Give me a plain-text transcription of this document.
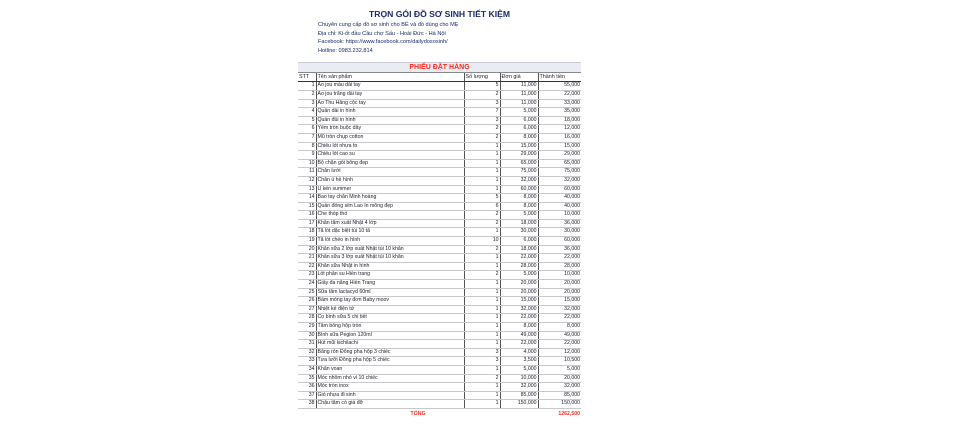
TRỌN GÓI ĐỒ SƠ SINH TIẾT KIỆM
Chuyên cung cấp đồ sơ sinh cho BÉ và đồ dùng cho MẸ
Địa chỉ: Ki-ốt đầu Cầu chợ Sấu - Hoài Đức - Hà Nội
Facebook: https://www.facebook.com/dailydososinh/
Hotline: 0983.232.814
PHIẾU ĐẶT HÀNG
STT	Tên sản phẩm	Số lượng	Đơn giá	Thành tiền
1	Áo jou màu dài tay	5	11,000	55,000
2	Áo jou trắng dài tay	2	11,000	22,000
3	Áo Thu Hằng cộc tay	3	11,000	33,000
4	Quần dài in hình	7	5,000	35,000
5	Quần đùi in hình	3	6,000	18,000
6	Yếm tròn buộc dây	2	6,000	12,000
7	Mũ tròn chụp cotton	2	8,000	16,000
8	Chiếu lót nhựa to	1	15,000	15,000
9	Chiếu lót cao su	1	29,000	29,000
10	Bộ chặn gối bông đẹp	1	65,000	65,000
11	Chăn lưới	1	75,000	75,000
12	Chăn ủ hè hình	1	32,000	32,000
13	Ủ kén summer	1	60,000	60,000
14	Bao tay chân Minh hoàng	5	8,000	40,000
15	Quần đóng sỉm Lao In mông đẹp	6	8,000	40,000
16	Che thóp thỏ	2	5,000	10,000
17	Khăn tắm xuất Nhật 4 lớp	2	18,000	36,000
18	Tã lót dặc biệt túi 10 tã	1	30,000	30,000
19	Tã lót chéo in hình	10	6,000	60,000
20	Khăn sữa 2 lớp xuất Nhật túi 10 khăn	2	18,000	36,000
21	Khăn sữa 3 lớp xuất Nhật túi 10 khăn	1	22,000	22,000
22	Khăn sữa Nhật in hình	1	28,000	28,000
23	Lót phân su Hiền trang	2	5,000	10,000
24	Giấy đa năng Hiền Trang	1	20,000	20,000
25	Sữa tắm lactacyd 60ml	1	20,000	20,000
26	Bấm móng tay đơn Baby moov	1	15,000	15,000
27	Nhiệt kế điện tử	1	32,000	32,000
28	Cọ bình sữa 5 chi tiết	1	22,000	22,000
29	Tăm bông hộp tròn	1	8,000	8,000
30	Bình sữa Pegion 120ml	1	49,000	49,000
31	Hút mũi kichilachi	1	22,000	22,000
32	Băng rốn Đông pha hộp 3 chiếc	3	4,000	12,000
33	Tưa lưỡi Đông pha hộp 5 chiếc	3	3,500	10,500
34	Khăn voan	1	5,000	5,000
35	Móc nhôm nhỏ vỉ 10 chiếc	2	10,000	20,000
36	Móc tròn inox	1	32,000	32,000
37	Giỏ nhựa đi sinh	1	85,000	85,000
38	Chậu tắm có giá đỡ	1	150,000	150,000
TỔNG				1262,500
